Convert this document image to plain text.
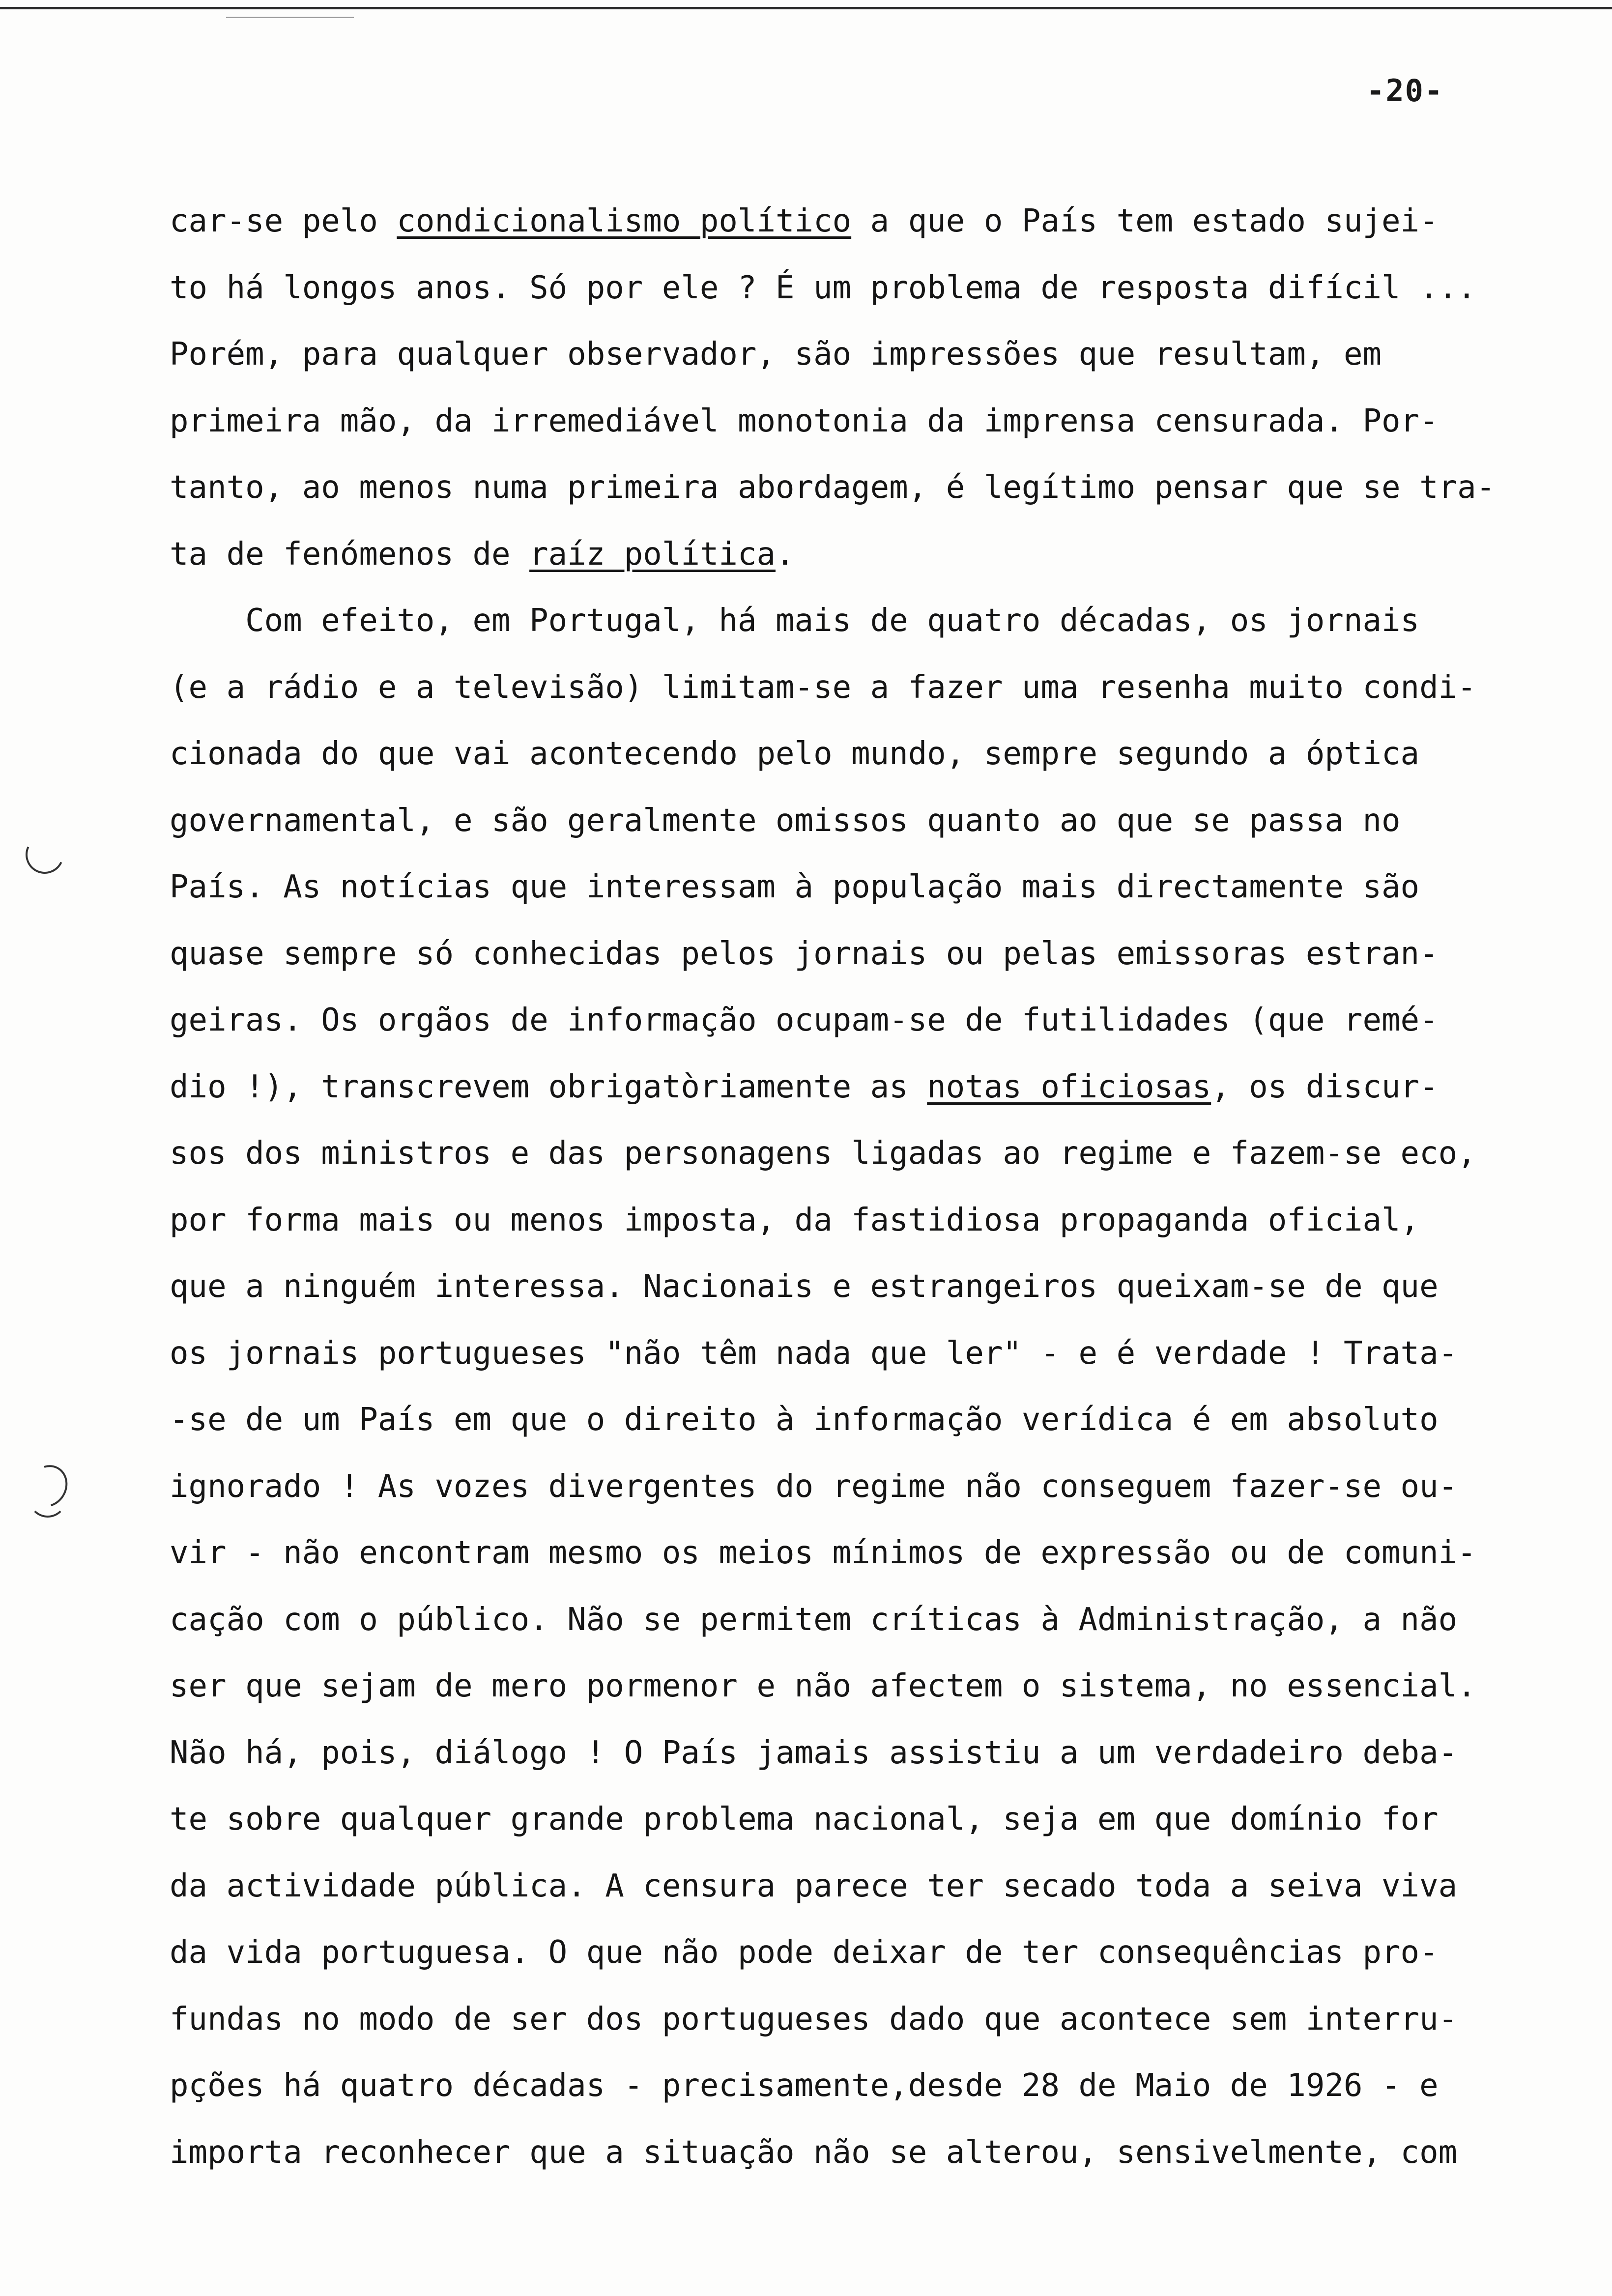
-20-
car-se pelo condicionalismo político a que o País tem estado sujei-
to há longos anos. Só por ele ? É um problema de resposta difícil ...
Porém, para qualquer observador, são impressões que resultam, em
primeira mão, da irremediável monotonia da imprensa censurada. Por-
tanto, ao menos numa primeira abordagem, é legítimo pensar que se tra-
ta de fenómenos de raíz política.
Com efeito, em Portugal, há mais de quatro décadas, os jornais
(e a rádio e a televisão) limitam-se a fazer uma resenha muito condi-
cionada do que vai acontecendo pelo mundo, sempre segundo a óptica
governamental, e são geralmente omissos quanto ao que se passa no
País. As notícias que interessam à população mais directamente são
quase sempre só conhecidas pelos jornais ou pelas emissoras estran-
geiras. Os orgãos de informação ocupam-se de futilidades (que remé-
dio !), transcrevem obrigatòriamente as notas oficiosas, os discur-
sos dos ministros e das personagens ligadas ao regime e fazem-se eco,
por forma mais ou menos imposta, da fastidiosa propaganda oficial,
que a ninguém interessa. Nacionais e estrangeiros queixam-se de que
os jornais portugueses "não têm nada que ler" - e é verdade ! Trata-
-se de um País em que o direito à informação verídica é em absoluto
ignorado ! As vozes divergentes do regime não conseguem fazer-se ou-
vir - não encontram mesmo os meios mínimos de expressão ou de comuni-
cação com o público. Não se permitem críticas à Administração, a não
ser que sejam de mero pormenor e não afectem o sistema, no essencial.
Não há, pois, diálogo ! O País jamais assistiu a um verdadeiro deba-
te sobre qualquer grande problema nacional, seja em que domínio for
da actividade pública. A censura parece ter secado toda a seiva viva
da vida portuguesa. O que não pode deixar de ter consequências pro-
fundas no modo de ser dos portugueses dado que acontece sem interru-
pções há quatro décadas - precisamente,desde 28 de Maio de 1926 - e
importa reconhecer que a situação não se alterou, sensivelmente, com
